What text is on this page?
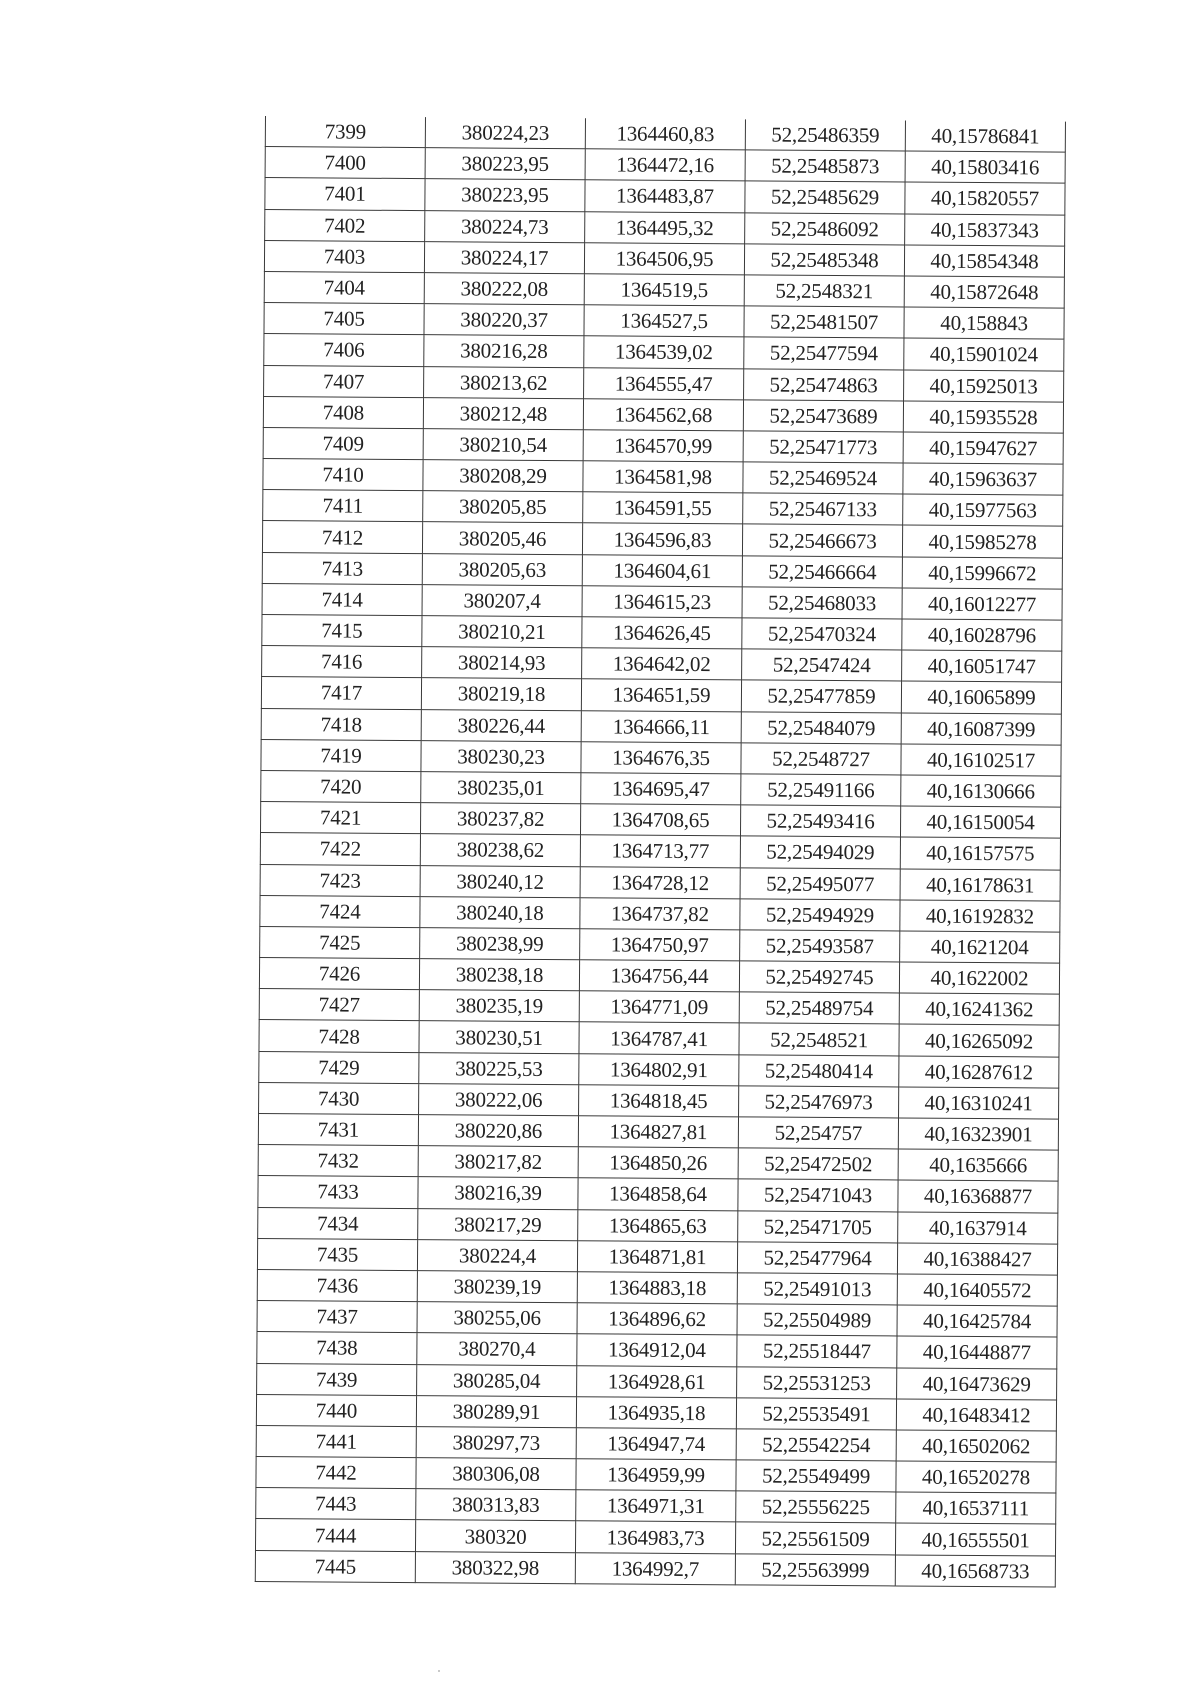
7399	380224,23	1364460,83	52,25486359	40,15786841
7400	380223,95	1364472,16	52,25485873	40,15803416
7401	380223,95	1364483,87	52,25485629	40,15820557
7402	380224,73	1364495,32	52,25486092	40,15837343
7403	380224,17	1364506,95	52,25485348	40,15854348
7404	380222,08	1364519,5	52,2548321	40,15872648
7405	380220,37	1364527,5	52,25481507	40,158843
7406	380216,28	1364539,02	52,25477594	40,15901024
7407	380213,62	1364555,47	52,25474863	40,15925013
7408	380212,48	1364562,68	52,25473689	40,15935528
7409	380210,54	1364570,99	52,25471773	40,15947627
7410	380208,29	1364581,98	52,25469524	40,15963637
7411	380205,85	1364591,55	52,25467133	40,15977563
7412	380205,46	1364596,83	52,25466673	40,15985278
7413	380205,63	1364604,61	52,25466664	40,15996672
7414	380207,4	1364615,23	52,25468033	40,16012277
7415	380210,21	1364626,45	52,25470324	40,16028796
7416	380214,93	1364642,02	52,2547424	40,16051747
7417	380219,18	1364651,59	52,25477859	40,16065899
7418	380226,44	1364666,11	52,25484079	40,16087399
7419	380230,23	1364676,35	52,2548727	40,16102517
7420	380235,01	1364695,47	52,25491166	40,16130666
7421	380237,82	1364708,65	52,25493416	40,16150054
7422	380238,62	1364713,77	52,25494029	40,16157575
7423	380240,12	1364728,12	52,25495077	40,16178631
7424	380240,18	1364737,82	52,25494929	40,16192832
7425	380238,99	1364750,97	52,25493587	40,1621204
7426	380238,18	1364756,44	52,25492745	40,1622002
7427	380235,19	1364771,09	52,25489754	40,16241362
7428	380230,51	1364787,41	52,2548521	40,16265092
7429	380225,53	1364802,91	52,25480414	40,16287612
7430	380222,06	1364818,45	52,25476973	40,16310241
7431	380220,86	1364827,81	52,254757	40,16323901
7432	380217,82	1364850,26	52,25472502	40,1635666
7433	380216,39	1364858,64	52,25471043	40,16368877
7434	380217,29	1364865,63	52,25471705	40,1637914
7435	380224,4	1364871,81	52,25477964	40,16388427
7436	380239,19	1364883,18	52,25491013	40,16405572
7437	380255,06	1364896,62	52,25504989	40,16425784
7438	380270,4	1364912,04	52,25518447	40,16448877
7439	380285,04	1364928,61	52,25531253	40,16473629
7440	380289,91	1364935,18	52,25535491	40,16483412
7441	380297,73	1364947,74	52,25542254	40,16502062
7442	380306,08	1364959,99	52,25549499	40,16520278
7443	380313,83	1364971,31	52,25556225	40,16537111
7444	380320	1364983,73	52,25561509	40,16555501
7445	380322,98	1364992,7	52,25563999	40,16568733
